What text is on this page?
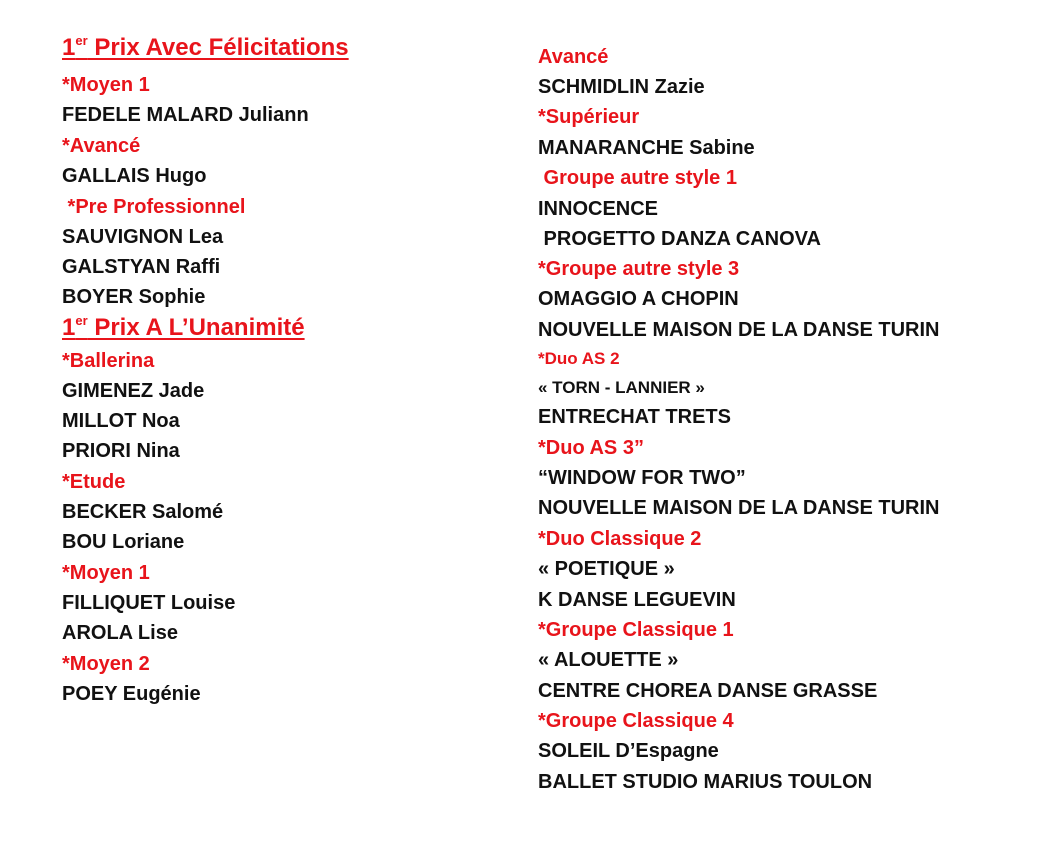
1er Prix Avec Félicitations
*Moyen 1
FEDELE MALARD Juliann
*Avancé
GALLAIS Hugo
*Pre Professionnel
SAUVIGNON Lea
GALSTYAN Raffi
BOYER Sophie
1er Prix A L’Unanimité
*Ballerina
GIMENEZ Jade
MILLOT Noa
PRIORI Nina
*Etude
BECKER Salomé
BOU Loriane
*Moyen 1
FILLIQUET Louise
AROLA Lise
*Moyen 2
POEY Eugénie
Avancé
SCHMIDLIN Zazie
*Supérieur
MANARANCHE Sabine
Groupe autre style 1
INNOCENCE
PROGETTO DANZA CANOVA
*Groupe autre style 3
OMAGGIO A CHOPIN
NOUVELLE MAISON DE LA DANSE TURIN
*Duo AS 2
« TORN - LANNIER »
ENTRECHAT TRETS
*Duo AS 3”
“WINDOW FOR TWO”
NOUVELLE MAISON DE LA DANSE TURIN
*Duo Classique 2
« POETIQUE »
K DANSE LEGUEVIN
*Groupe Classique 1
« ALOUETTE »
CENTRE CHOREA DANSE GRASSE
*Groupe Classique 4
SOLEIL D’Espagne
BALLET STUDIO MARIUS TOULON
